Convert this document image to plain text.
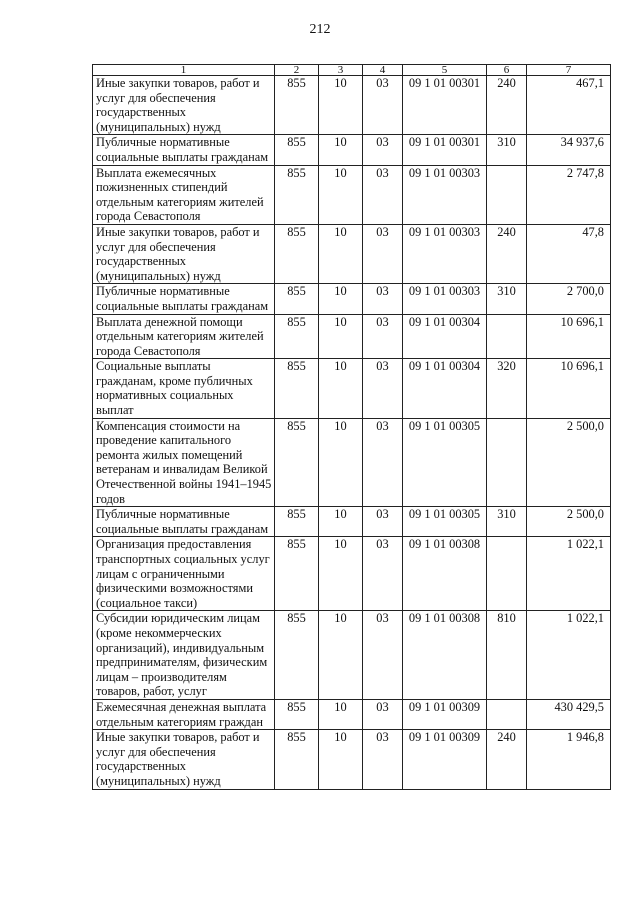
212
1	2	3	4	5	6	7
Иные закупки товаров, работ и услуг для обеспечения государственных (муниципальных) нужд	855	10	03	09 1 01 00301	240	467,1
Публичные нормативные социальные выплаты гражданам	855	10	03	09 1 01 00301	310	34 937,6
Выплата ежемесячных пожизненных стипендий отдельным категориям жителей города Севастополя	855	10	03	09 1 01 00303		2 747,8
Иные закупки товаров, работ и услуг для обеспечения государственных (муниципальных) нужд	855	10	03	09 1 01 00303	240	47,8
Публичные нормативные социальные выплаты гражданам	855	10	03	09 1 01 00303	310	2 700,0
Выплата денежной помощи отдельным категориям жителей города Севастополя	855	10	03	09 1 01 00304		10 696,1
Социальные выплаты гражданам, кроме публичных нормативных социальных выплат	855	10	03	09 1 01 00304	320	10 696,1
Компенсация стоимости на проведение капитального ремонта жилых помещений ветеранам и инвалидам Великой Отечественной войны 1941–1945 годов	855	10	03	09 1 01 00305		2 500,0
Публичные нормативные социальные выплаты гражданам	855	10	03	09 1 01 00305	310	2 500,0
Организация предоставления транспортных социальных услуг лицам с ограниченными физическими возможностями (социальное такси)	855	10	03	09 1 01 00308		1 022,1
Субсидии юридическим лицам (кроме некоммерческих организаций), индивидуальным предпринимателям, физическим лицам – производителям товаров, работ, услуг	855	10	03	09 1 01 00308	810	1 022,1
Ежемесячная денежная выплата отдельным категориям граждан	855	10	03	09 1 01 00309		430 429,5
Иные закупки товаров, работ и услуг для обеспечения государственных (муниципальных) нужд	855	10	03	09 1 01 00309	240	1 946,8
